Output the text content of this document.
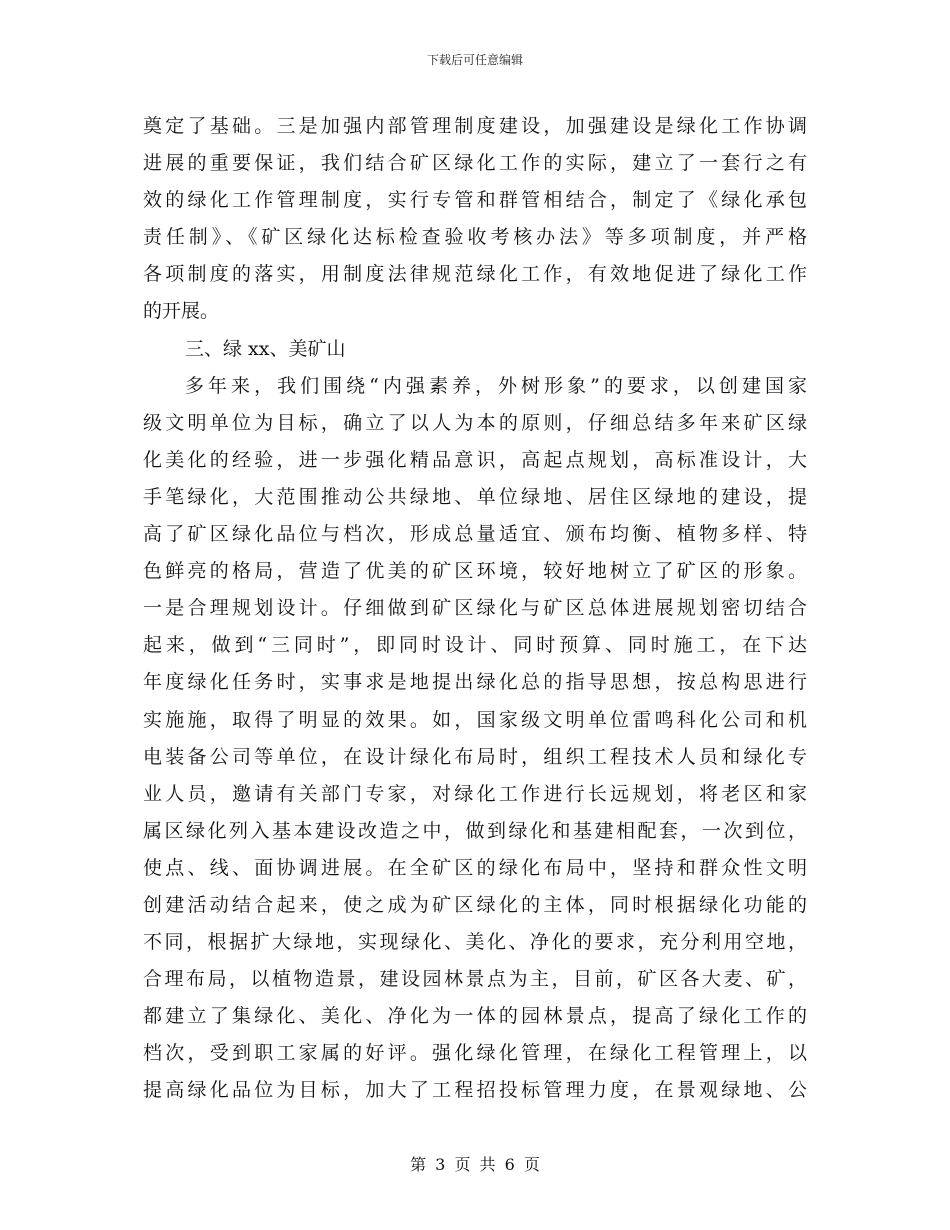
下载后可任意编辑
奠定了基础。三是加强内部管理制度建设，加强建设是绿化工作协调
进展的重要保证，我们结合矿区绿化工作的实际，建立了一套行之有
效的绿化工作管理制度，实行专管和群管相结合，制定了《绿化承包
责任制》、《矿区绿化达标检查验收考核办法》等多项制度，并严格
各项制度的落实，用制度法律规范绿化工作，有效地促进了绿化工作
的开展。
三、绿 xx、美矿山
多年来，我们围绕“内强素养，外树形象”的要求，以创建国家
级文明单位为目标，确立了以人为本的原则，仔细总结多年来矿区绿
化美化的经验，进一步强化精品意识，高起点规划，高标准设计，大
手笔绿化，大范围推动公共绿地、单位绿地、居住区绿地的建设，提
高了矿区绿化品位与档次，形成总量适宜、颁布均衡、植物多样、特
色鲜亮的格局，营造了优美的矿区环境，较好地树立了矿区的形象。
一是合理规划设计。仔细做到矿区绿化与矿区总体进展规划密切结合
起来，做到“三同时”，即同时设计、同时预算、同时施工，在下达
年度绿化任务时，实事求是地提出绿化总的指导思想，按总构思进行
实施施，取得了明显的效果。如，国家级文明单位雷鸣科化公司和机
电装备公司等单位，在设计绿化布局时，组织工程技术人员和绿化专
业人员，邀请有关部门专家，对绿化工作进行长远规划，将老区和家
属区绿化列入基本建设改造之中，做到绿化和基建相配套，一次到位，
使点、线、面协调进展。在全矿区的绿化布局中，坚持和群众性文明
创建活动结合起来，使之成为矿区绿化的主体，同时根据绿化功能的
不同，根据扩大绿地，实现绿化、美化、净化的要求，充分利用空地，
合理布局，以植物造景，建设园林景点为主，目前，矿区各大麦、矿，
都建立了集绿化、美化、净化为一体的园林景点，提高了绿化工作的
档次，受到职工家属的好评。强化绿化管理，在绿化工程管理上，以
提高绿化品位为目标，加大了工程招投标管理力度，在景观绿地、公
第 3 页 共 6 页
